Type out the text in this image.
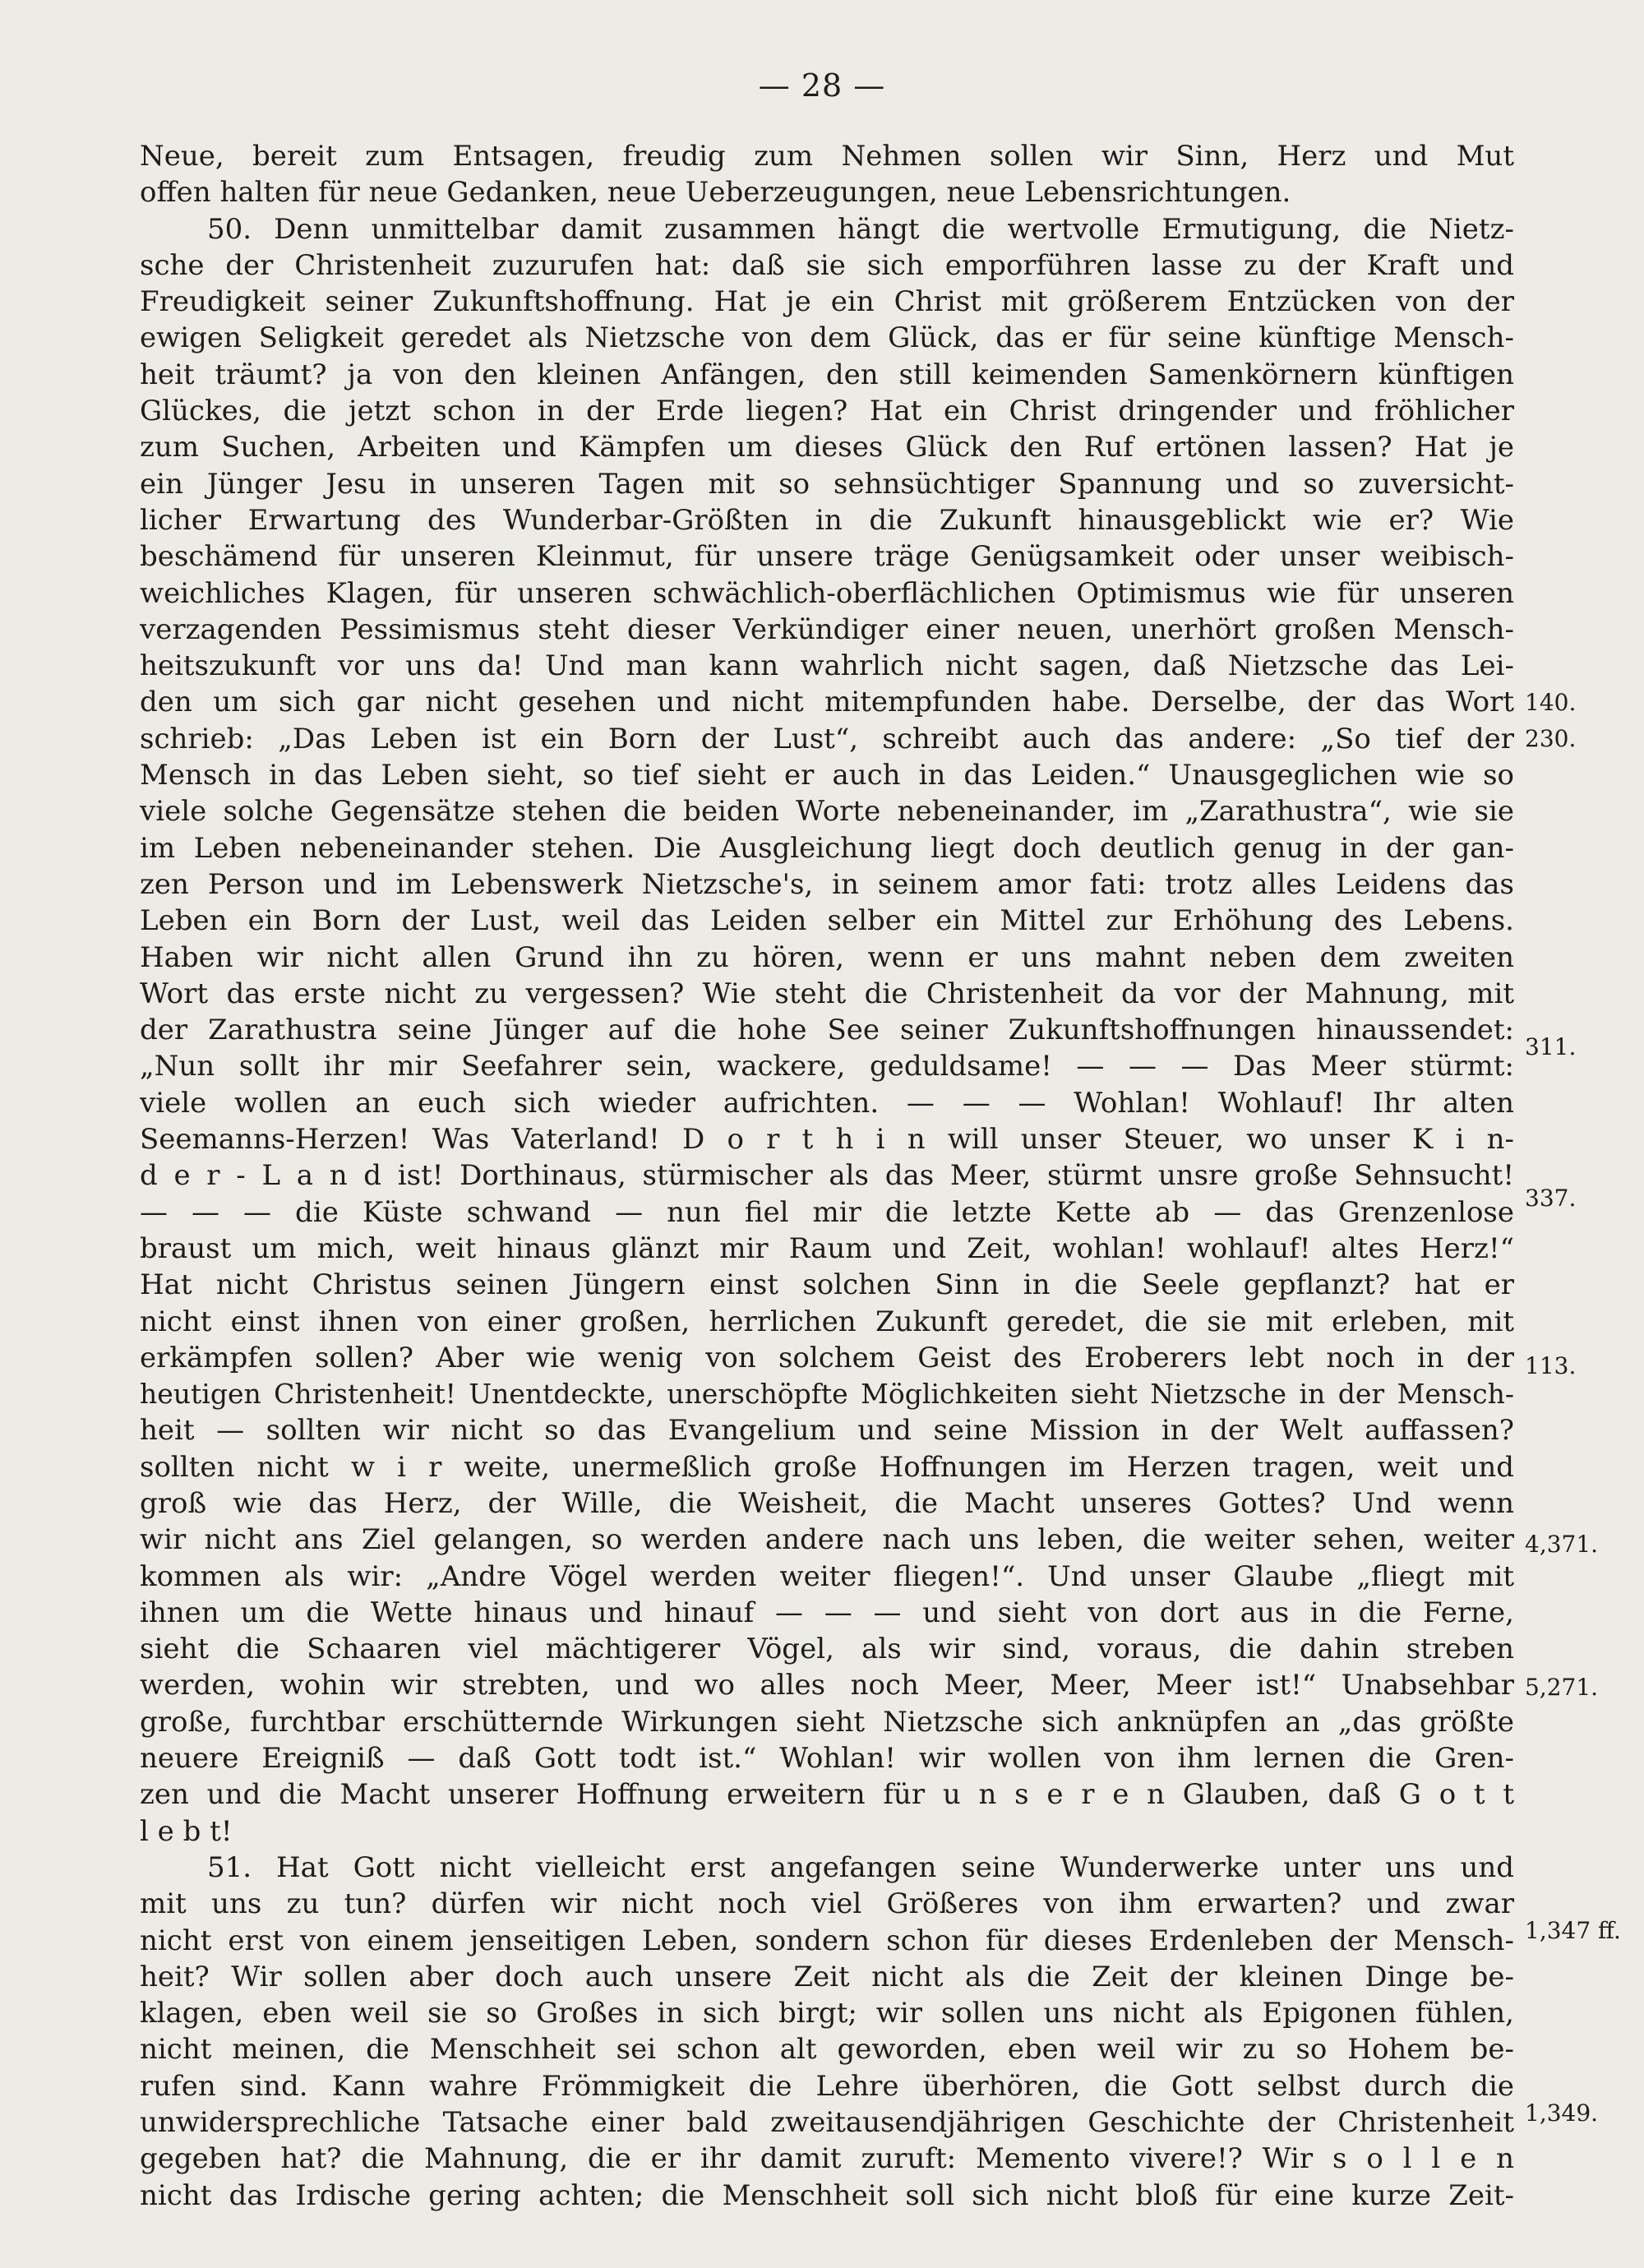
— 28 —
Neue, bereit zum Entsagen, freudig zum Nehmen sollen wir Sinn, Herz und Mut
offen halten für neue Gedanken, neue Ueberzeugungen, neue Lebensrichtungen.
50. Denn unmittelbar damit zusammen hängt die wertvolle Ermutigung, die Nietz-
sche der Christenheit zuzurufen hat: daß sie sich emporführen lasse zu der Kraft und
Freudigkeit seiner Zukunftshoffnung. Hat je ein Christ mit größerem Entzücken von der
ewigen Seligkeit geredet als Nietzsche von dem Glück, das er für seine künftige Mensch-
heit träumt? ja von den kleinen Anfängen, den still keimenden Samenkörnern künftigen
Glückes, die jetzt schon in der Erde liegen? Hat ein Christ dringender und fröhlicher
zum Suchen, Arbeiten und Kämpfen um dieses Glück den Ruf ertönen lassen? Hat je
ein Jünger Jesu in unseren Tagen mit so sehnsüchtiger Spannung und so zuversicht-
licher Erwartung des Wunderbar-Größten in die Zukunft hinausgeblickt wie er? Wie
beschämend für unseren Kleinmut, für unsere träge Genügsamkeit oder unser weibisch-
weichliches Klagen, für unseren schwächlich-oberflächlichen Optimismus wie für unseren
verzagenden Pessimismus steht dieser Verkündiger einer neuen, unerhört großen Mensch-
heitszukunft vor uns da! Und man kann wahrlich nicht sagen, daß Nietzsche das Lei-
den um sich gar nicht gesehen und nicht mitempfunden habe. Derselbe, der das Wort
schrieb: „Das Leben ist ein Born der Lust“, schreibt auch das andere: „So tief der
Mensch in das Leben sieht, so tief sieht er auch in das Leiden.“ Unausgeglichen wie so
viele solche Gegensätze stehen die beiden Worte nebeneinander, im „Zarathustra“, wie sie
im Leben nebeneinander stehen. Die Ausgleichung liegt doch deutlich genug in der gan-
zen Person und im Lebenswerk Nietzsche's, in seinem amor fati: trotz alles Leidens das
Leben ein Born der Lust, weil das Leiden selber ein Mittel zur Erhöhung des Lebens.
Haben wir nicht allen Grund ihn zu hören, wenn er uns mahnt neben dem zweiten
Wort das erste nicht zu vergessen? Wie steht die Christenheit da vor der Mahnung, mit
der Zarathustra seine Jünger auf die hohe See seiner Zukunftshoffnungen hinaussendet:
„Nun sollt ihr mir Seefahrer sein, wackere, geduldsame! — — — Das Meer stürmt:
viele wollen an euch sich wieder aufrichten. — — — Wohlan! Wohlauf! Ihr alten
Seemanns-Herzen! Was Vaterland! D o r t h i n will unser Steuer, wo unser K i n-
d e r - L a n d ist! Dorthinaus, stürmischer als das Meer, stürmt unsre große Sehnsucht!
— — — die Küste schwand — nun fiel mir die letzte Kette ab — das Grenzenlose
braust um mich, weit hinaus glänzt mir Raum und Zeit, wohlan! wohlauf! altes Herz!“
Hat nicht Christus seinen Jüngern einst solchen Sinn in die Seele gepflanzt? hat er
nicht einst ihnen von einer großen, herrlichen Zukunft geredet, die sie mit erleben, mit
erkämpfen sollen? Aber wie wenig von solchem Geist des Eroberers lebt noch in der
heutigen Christenheit! Unentdeckte, unerschöpfte Möglichkeiten sieht Nietzsche in der Mensch-
heit — sollten wir nicht so das Evangelium und seine Mission in der Welt auffassen?
sollten nicht w i r weite, unermeßlich große Hoffnungen im Herzen tragen, weit und
groß wie das Herz, der Wille, die Weisheit, die Macht unseres Gottes? Und wenn
wir nicht ans Ziel gelangen, so werden andere nach uns leben, die weiter sehen, weiter
kommen als wir: „Andre Vögel werden weiter fliegen!“. Und unser Glaube „fliegt mit
ihnen um die Wette hinaus und hinauf — — — und sieht von dort aus in die Ferne,
sieht die Schaaren viel mächtigerer Vögel, als wir sind, voraus, die dahin streben
werden, wohin wir strebten, und wo alles noch Meer, Meer, Meer ist!“ Unabsehbar
große, furchtbar erschütternde Wirkungen sieht Nietzsche sich anknüpfen an „das größte
neuere Ereigniß — daß Gott todt ist.“ Wohlan! wir wollen von ihm lernen die Gren-
zen und die Macht unserer Hoffnung erweitern für u n s e r e n Glauben, daß G o t t
l e b t!
51. Hat Gott nicht vielleicht erst angefangen seine Wunderwerke unter uns und
mit uns zu tun? dürfen wir nicht noch viel Größeres von ihm erwarten? und zwar
nicht erst von einem jenseitigen Leben, sondern schon für dieses Erdenleben der Mensch-
heit? Wir sollen aber doch auch unsere Zeit nicht als die Zeit der kleinen Dinge be-
klagen, eben weil sie so Großes in sich birgt; wir sollen uns nicht als Epigonen fühlen,
nicht meinen, die Menschheit sei schon alt geworden, eben weil wir zu so Hohem be-
rufen sind. Kann wahre Frömmigkeit die Lehre überhören, die Gott selbst durch die
unwidersprechliche Tatsache einer bald zweitausendjährigen Geschichte der Christenheit
gegeben hat? die Mahnung, die er ihr damit zuruft: Memento vivere!? Wir s o l l e n
nicht das Irdische gering achten; die Menschheit soll sich nicht bloß für eine kurze Zeit-
140.
230.
311.
337.
113.
4,371.
5,271.
1,347 ff.
1,349.
